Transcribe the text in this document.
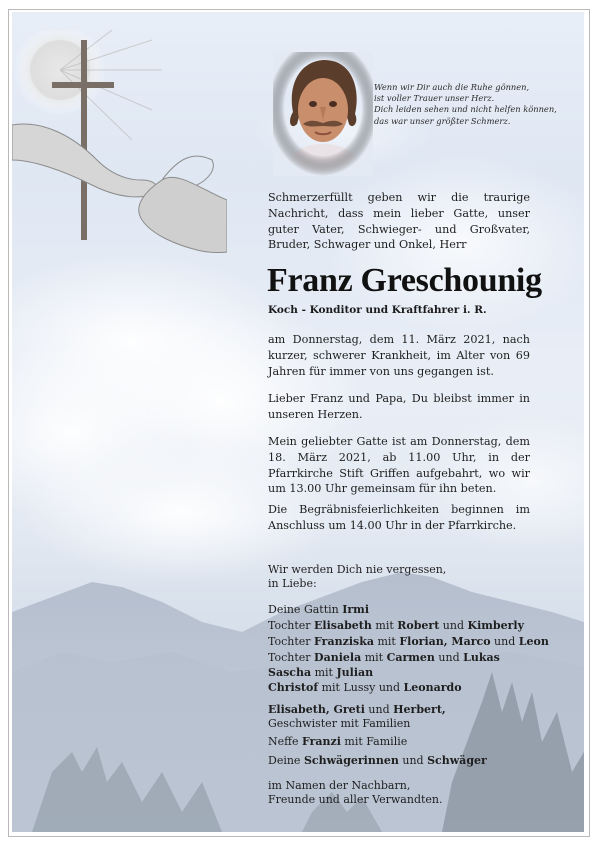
Wenn wir Dir auch die Ruhe gönnen,
ist voller Trauer unser Herz.
Dich leiden sehen und nicht helfen können,
das war unser größter Schmerz.
Schmerzerfüllt geben wir die traurige Nachricht, dass mein lieber Gatte, unser guter Vater, Schwieger- und Großvater, Bruder, Schwager und Onkel, Herr
Franz Greschounig
Koch - Konditor und Kraftfahrer i. R.
am Donnerstag, dem 11. März 2021, nach kurzer, schwerer Krankheit, im Alter von 69 Jahren für immer von uns gegangen ist.
Lieber Franz und Papa, Du bleibst immer in unseren Herzen.
Mein geliebter Gatte ist am Donnerstag, dem 18. März 2021, ab 11.00 Uhr, in der Pfarrkirche Stift Griffen aufgebahrt, wo wir um 13.00 Uhr gemeinsam für ihn beten.
Die Begräbnisfeierlichkeiten beginnen im Anschluss um 14.00 Uhr in der Pfarrkirche.
Wir werden Dich nie vergessen,
in Liebe:
Deine Gattin Irmi
Tochter Elisabeth mit Robert und Kimberly
Tochter Franziska mit Florian, Marco und Leon
Tochter Daniela mit Carmen und Lukas
Sascha mit Julian
Christof mit Lussy und Leonardo
Elisabeth, Greti und Herbert,
Geschwister mit Familien
Neffe Franzi mit Familie
Deine Schwägerinnen und Schwäger
im Namen der Nachbarn,
Freunde und aller Verwandten.
